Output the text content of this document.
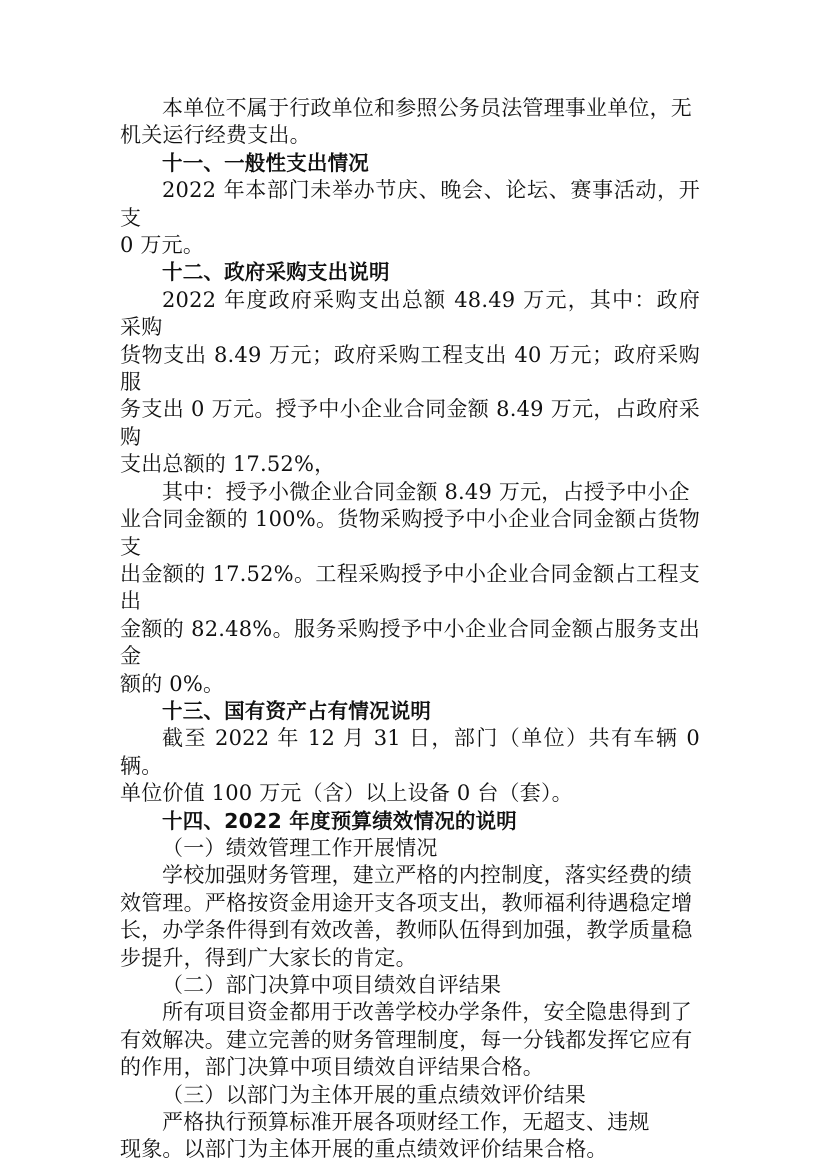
本单位不属于行政单位和参照公务员法管理事业单位，无
机关运行经费支出。

十一、一般性支出情况

2022 年本部门未举办节庆、晚会、论坛、赛事活动，开支
0 万元。

十二、政府采购支出说明

2022 年度政府采购支出总额 48.49 万元，其中：政府采购
货物支出 8.49 万元；政府采购工程支出 40 万元；政府采购服
务支出 0 万元。授予中小企业合同金额 8.49 万元，占政府采购
支出总额的 17.52%，

其中：授予小微企业合同金额 8.49 万元，占授予中小企
业合同金额的 100%。货物采购授予中小企业合同金额占货物支
出金额的 17.52%。工程采购授予中小企业合同金额占工程支出
金额的 82.48%。服务采购授予中小企业合同金额占服务支出金
额的 0%。

十三、国有资产占有情况说明

截至 2022 年 12 月 31 日，部门（单位）共有车辆 0 辆。
单位价值 100 万元（含）以上设备 0 台（套）。

十四、2022 年度预算绩效情况的说明

（一）绩效管理工作开展情况

学校加强财务管理，建立严格的内控制度，落实经费的绩
效管理。严格按资金用途开支各项支出，教师福利待遇稳定增
长，办学条件得到有效改善，教师队伍得到加强，教学质量稳
步提升，得到广大家长的肯定。

（二）部门决算中项目绩效自评结果

所有项目资金都用于改善学校办学条件，安全隐患得到了
有效解决。建立完善的财务管理制度，每一分钱都发挥它应有
的作用，部门决算中项目绩效自评结果合格。

（三）以部门为主体开展的重点绩效评价结果

严格执行预算标准开展各项财经工作，无超支、违规
现象。以部门为主体开展的重点绩效评价结果合格。
